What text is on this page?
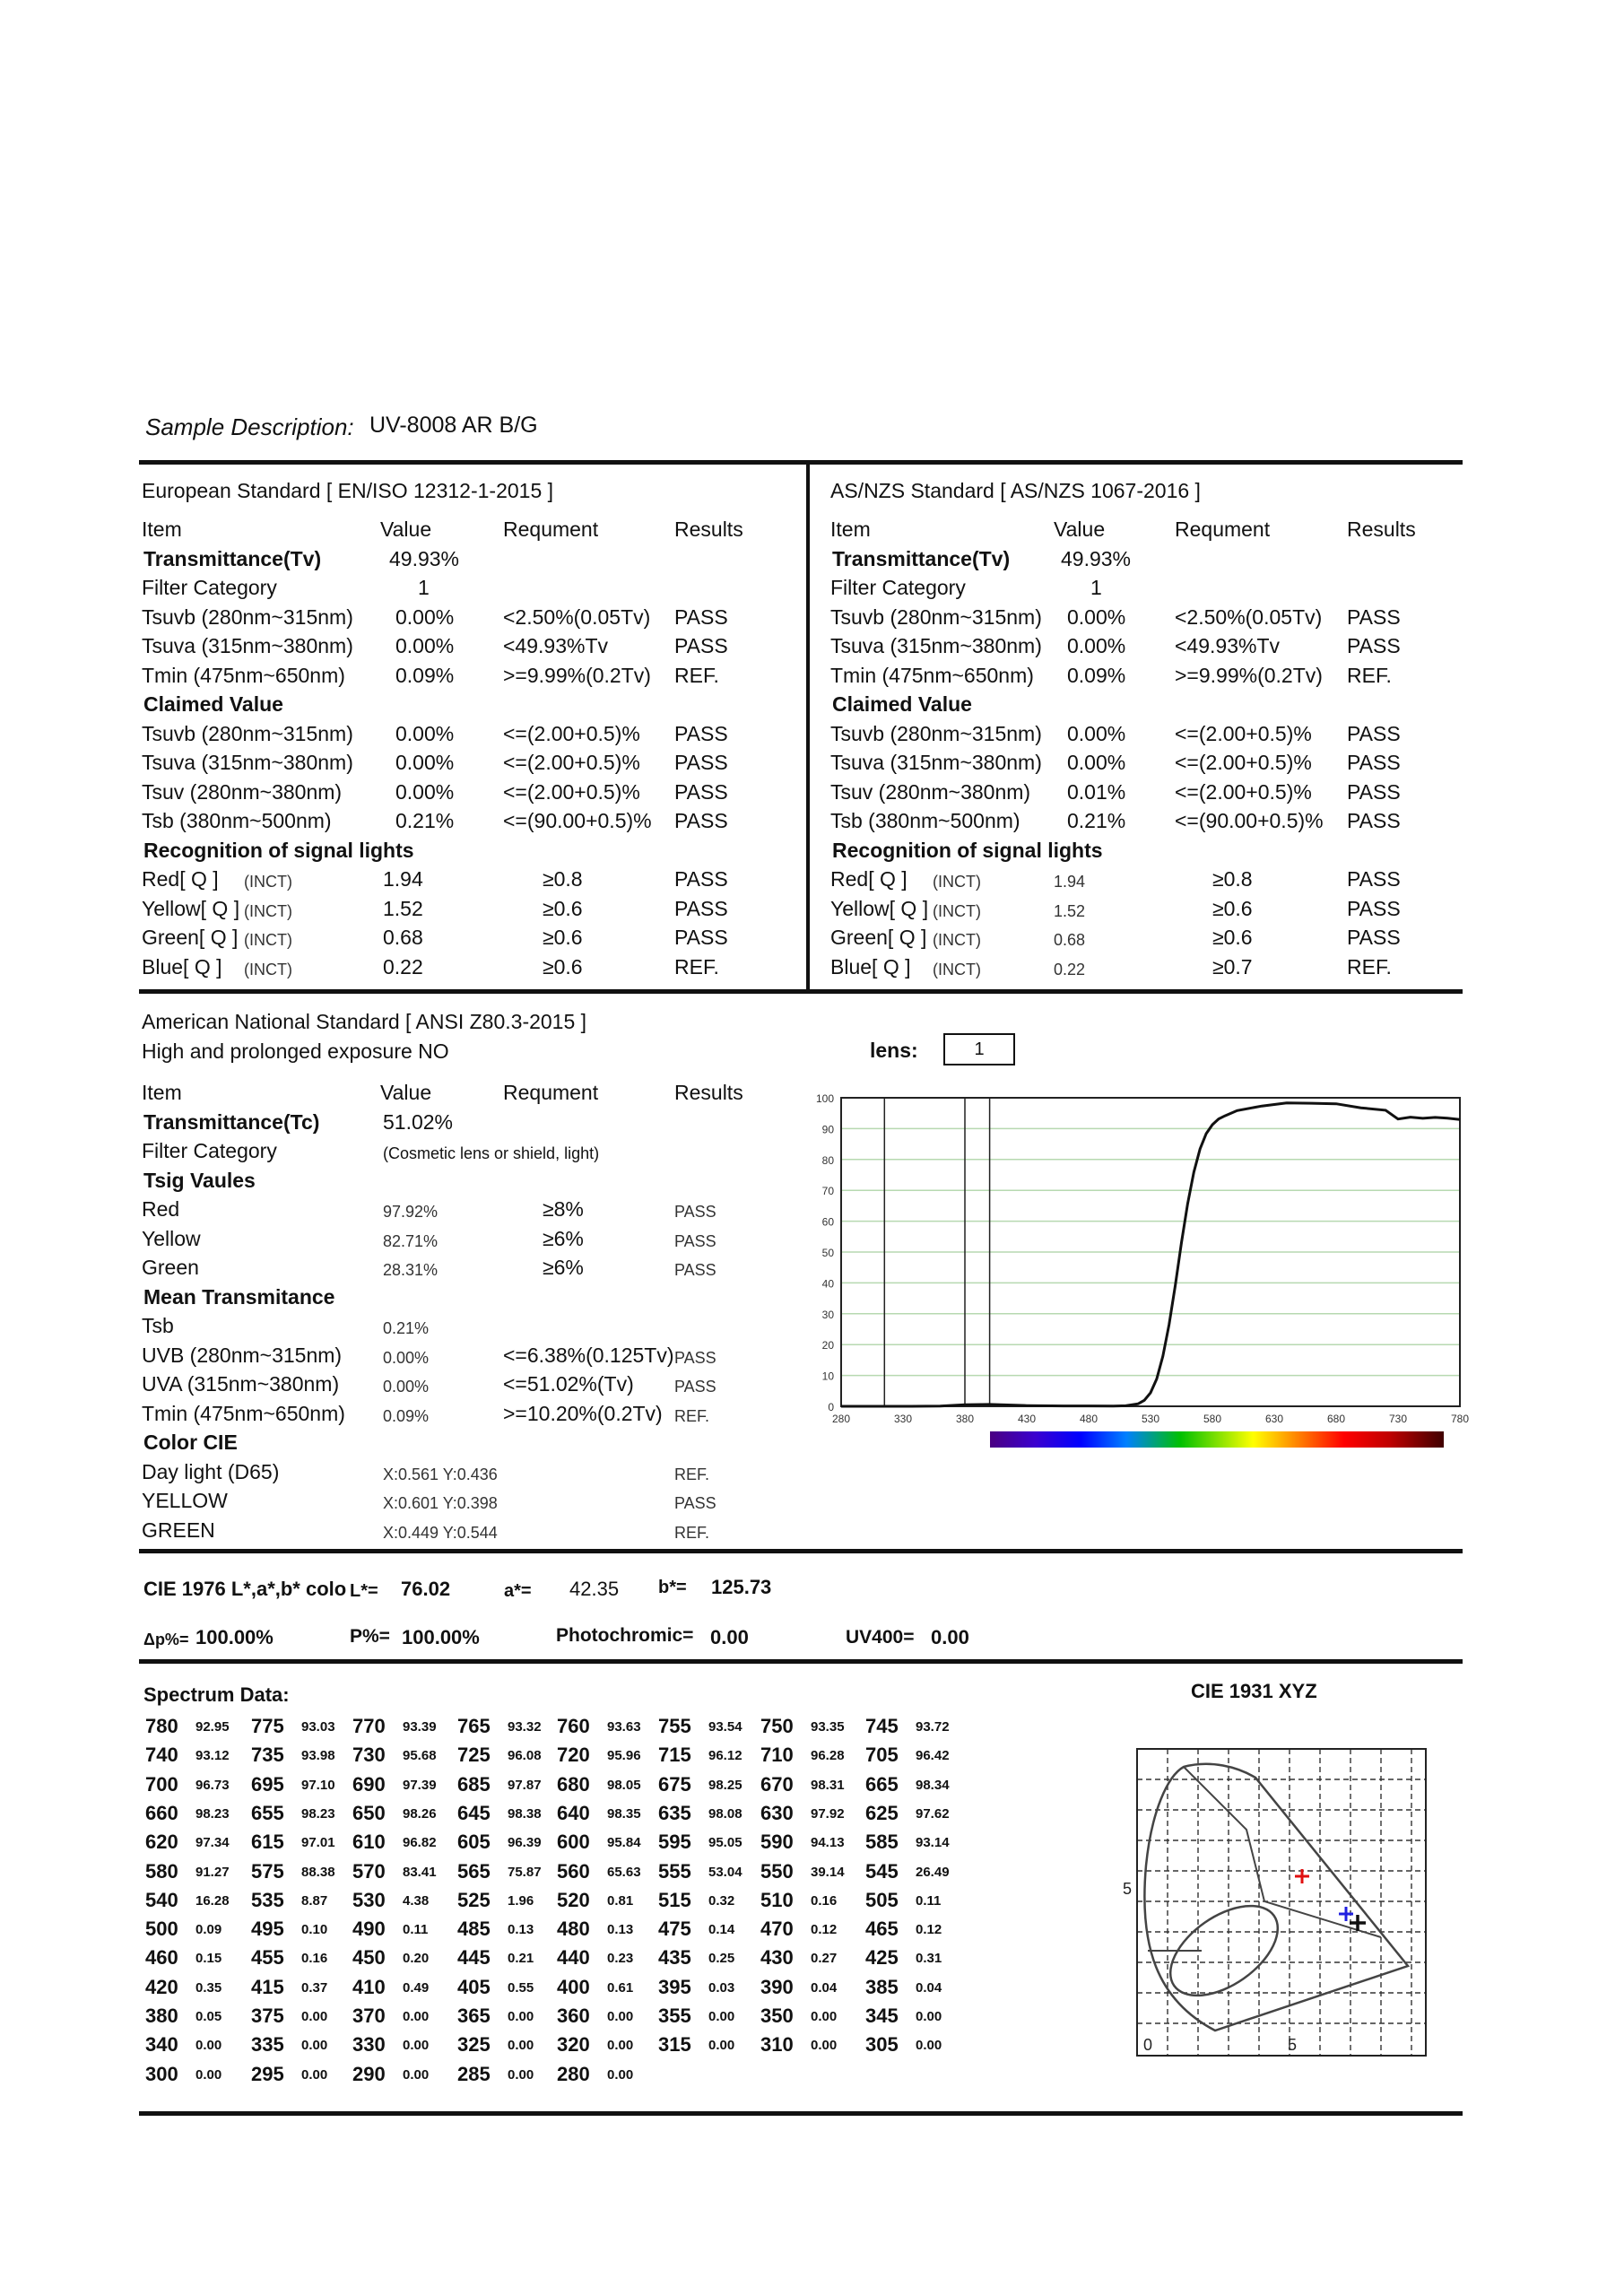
Sample Description: UV-8008 AR B/G
European Standard [ EN/ISO 12312-1-2015 ]
Item	Value	Requment	Results
Transmittance(Tv)	49.93%
Filter Category	1
Tsuvb (280nm~315nm) 0.00% <2.50%(0.05Tv) PASS
Tsuva (315nm~380nm) 0.00% <49.93%Tv	PASS
Tmin (475nm~650nm) 0.09% >=9.99%(0.2Tv) REF.
Claimed Value
Tsuvb (280nm~315nm) 0.00% <=(2.00+0.5)% PASS
Tsuva (315nm~380nm) 0.00% <=(2.00+0.5)% PASS
Tsuv (280nm~380nm)	0.00% <=(2.00+0.5)% PASS
Tsb (380nm~500nm)	0.21% <=(90.00+0.5)% PASS
Recognition of signal lights
Red[ Q ] (INCT)	1.94	≥0.8	PASS
Yellow[ Q ] (INCT)	1.52	≥0.6	PASS
Green[ Q ] (INCT)	0.68	≥0.6	PASS
Blue[ Q ] (INCT)	0.22	≥0.6	REF.
AS/NZS Standard [ AS/NZS 1067-2016 ]
Item	Value	Requment	Results
Transmittance(Tv) 49.93%
Filter Category	1
Tsuvb (280nm~315nm) 0.00% <2.50%(0.05Tv) PASS
Tsuva (315nm~380nm) 0.00% <49.93%Tv	PASS
Tmin (475nm~650nm) 0.09% >=9.99%(0.2Tv) REF.
Claimed Value
Tsuvb (280nm~315nm) 0.00% <=(2.00+0.5)% PASS
Tsuva (315nm~380nm) 0.00% <=(2.00+0.5)% PASS
Tsuv (280nm~380nm) 0.01% <=(2.00+0.5)% PASS
Tsb (380nm~500nm) 0.21% <=(90.00+0.5)% PASS
Recognition of signal lights
Red[ Q ] (INCT)	1.94	≥0.8	PASS
Yellow[ Q ] (INCT)	1.52	≥0.6	PASS
Green[ Q ] (INCT)	0.68	≥0.6	PASS
Blue[ Q ] (INCT)	0.22	≥0.7	REF.
American National Standard [ ANSI Z80.3-2015 ]
High and prolonged exposure NO
Item	Value	Requment	Results
Transmittance(Tc)	51.02%
Filter Category	(Cosmetic lens or shield, light)
Tsig Vaules
Red	97.92%	≥8%	PASS
Yellow	82.71%	≥6%	PASS
Green	28.31%	≥6%	PASS
Mean Transmitance
Tsb	0.21%
UVB (280nm~315nm)	0.00%	<=6.38%(0.125Tv) PASS
UVA (315nm~380nm)	0.00%	<=51.02%(Tv)	PASS
Tmin (475nm~650nm) 0.09%	>=10.20%(0.2Tv) REF.
Color CIE
Day light (D65)	X:0.561 Y:0.436	REF.
YELLOW	X:0.601 Y:0.398	PASS
GREEN	X:0.449 Y:0.544	REF.
lens:	1
0
10
20
30
40
50
60
70
80
90
100
280	330	380	430	480	530	580	630	680	730	780
CIE 1976 L*,a*,b* colo L*= 76.02	a*= 42.35 b*= 125.73
Δp%= 100.00%	P%= 100.00%	Photochromic= 0.00	UV400= 0.00
Spectrum Data:
780 92.95 775 93.03 770 93.39 765 93.32 760 93.63 755 93.54 750 93.35 745 93.72
740 93.12 735 93.98 730 95.68 725 96.08 720 95.96 715 96.12 710 96.28 705 96.42
700 96.73 695 97.10 690 97.39 685 97.87 680 98.05 675 98.25 670 98.31 665 98.34
660 98.23 655 98.23 650 98.26 645 98.38 640 98.35 635 98.08 630 97.92 625 97.62
620 97.34 615 97.01 610 96.82 605 96.39 600 95.84 595 95.05 590 94.13 585 93.14
580 91.27 575 88.38 570 83.41 565 75.87 560 65.63 555 53.04 550 39.14 545 26.49
540 16.28 535 8.87 530 4.38 525 1.96 520 0.81 515 0.32 510 0.16 505 0.11
500 0.09 495 0.10 490 0.11 485 0.13 480 0.13 475 0.14 470 0.12 465 0.12
460 0.15 455 0.16 450 0.20 445 0.21 440 0.23 435 0.25 430 0.27 425 0.31
420 0.35 415 0.37 410 0.49 405 0.55 400 0.61 395 0.03 390 0.04 385 0.04
380 0.05 375 0.00 370 0.00 365 0.00 360 0.00 355 0.00 350 0.00 345 0.00
340 0.00 335 0.00 330 0.00 325 0.00 320 0.00 315 0.00 310 0.00 305 0.00
300 0.00 295 0.00 290 0.00 285 0.00 280 0.00
CIE 1931 XYZ
5
0	5
